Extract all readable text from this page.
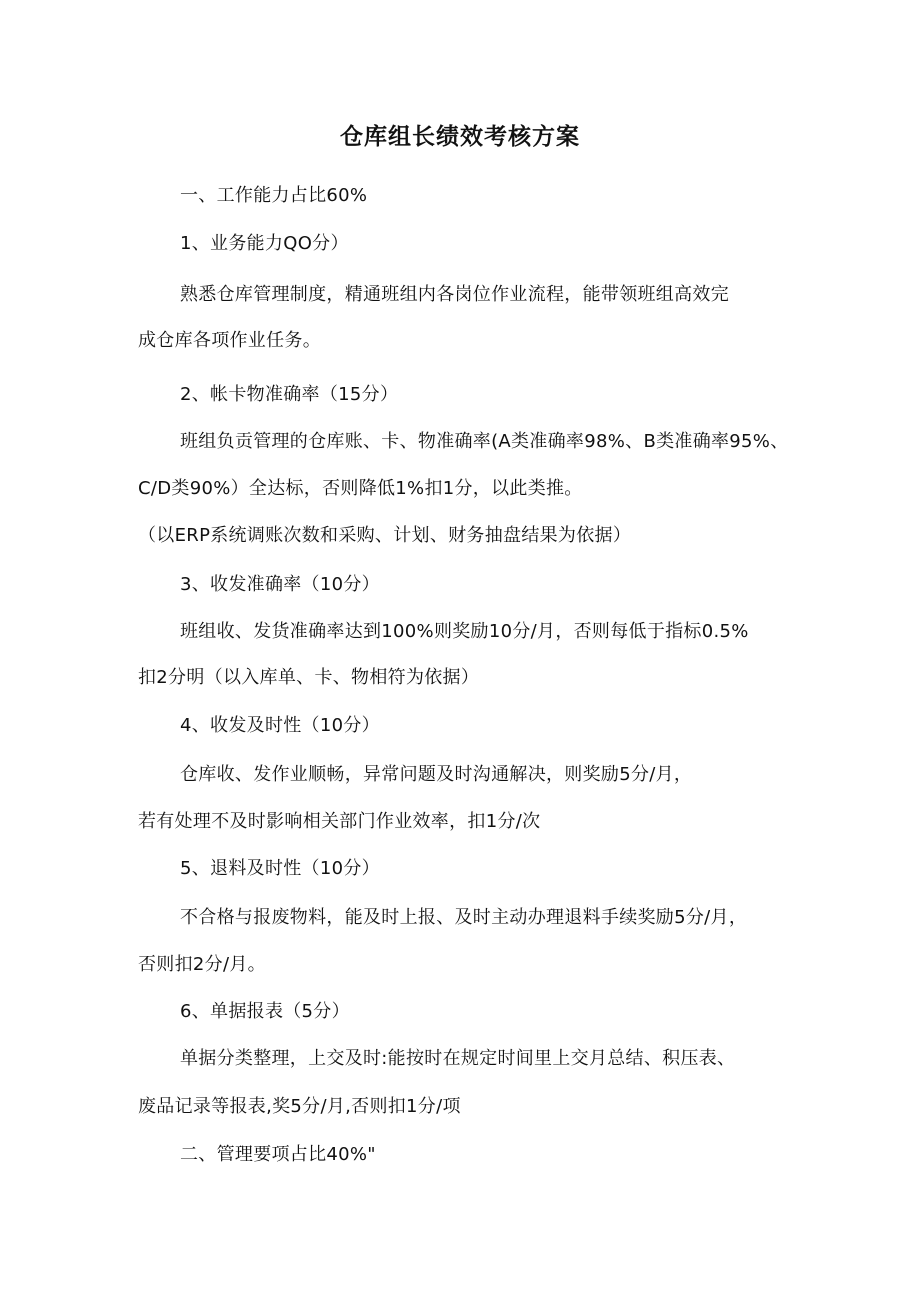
仓库组长绩效考核方案

一、工作能力占比60%

1、业务能力QO分）

熟悉仓库管理制度，精通班组内各岗位作业流程，能带领班组高效完

成仓库各项作业任务。

2、帐卡物准确率（15分）

班组负贡管理的仓库账、卡、物准确率(A类准确率98%、B类准确率95%、

C/D类90%）全达标，否则降低1%扣1分，以此类推。

（以ERP系统调账次数和采购、计划、财务抽盘结果为依据）

3、收发准确率（10分）

班组收、发货准确率达到100%则奖励10分/月，否则每低于指标0.5%

扣2分明（以入库单、卡、物相符为依据）

4、收发及时性（10分）

仓库收、发作业顺畅，异常问题及时沟通解决，则奖励5分/月，

若有处理不及时影响相关部门作业效率，扣1分/次

5、退料及时性（10分）

不合格与报废物料，能及时上报、及时主动办理退料手续奖励5分/月，

否则扣2分/月。

6、单据报表（5分）

单据分类整理，上交及时:能按时在规定时间里上交月总结、积压表、

废品记录等报表,奖5分/月,否则扣1分/项

二、管理要项占比40%"
